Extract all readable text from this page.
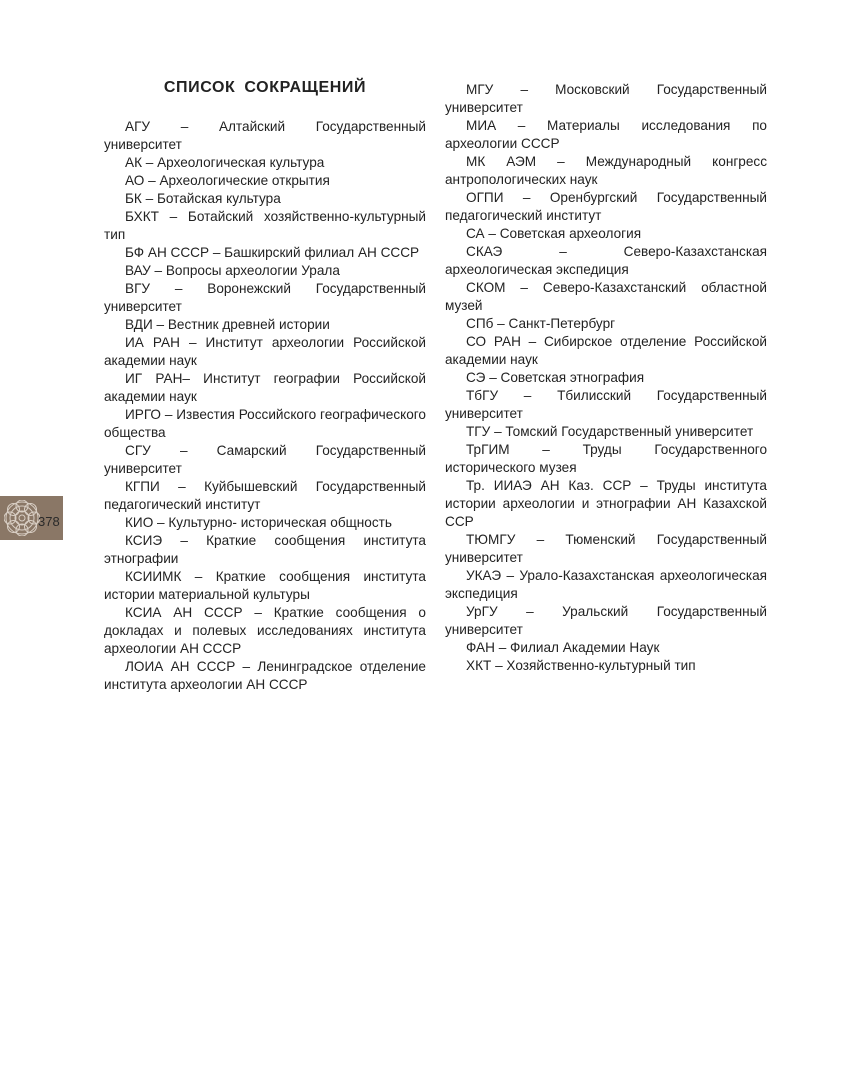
СПИСОК СОКРАЩЕНИЙ

АГУ – Алтайский Государственный университет

АК – Археологическая культура

АО – Археологические открытия

БК – Ботайская культура

БХКТ – Ботайский хозяйственно-культурный тип

БФ АН СССР – Башкирский филиал АН СССР

ВАУ – Вопросы археологии Урала

ВГУ – Воронежский Государственный университет

ВДИ – Вестник древней истории

ИА РАН – Институт археологии Российской академии наук

ИГ РАН– Институт географии Российской академии наук

ИРГО – Известия Российского географического общества

СГУ – Самарский Государственный университет

КГПИ – Куйбышевский Государственный педагогический институт

КИО – Культурно- историческая общность

КСИЭ – Краткие сообщения института этнографии

КСИИМК – Краткие сообщения института истории материальной культуры

КСИА АН СССР – Краткие сообщения о докладах и полевых исследованиях института археологии АН СССР

ЛОИА АН СССР – Ленинградское отделение института археологии АН СССР

МГУ – Московский Государственный университет

МИА – Материалы исследования по археологии СССР

МК АЭМ – Международный конгресс антропологических наук

ОГПИ – Оренбургский Государственный педагогический институт

СА – Советская археология

СКАЭ – Северо-Казахстанская археологическая экспедиция

СКОМ – Северо-Казахстанский областной музей

СПб – Санкт-Петербург

СО РАН – Сибирское отделение Российской академии наук

СЭ – Советская этнография

ТбГУ – Тбилисский Государственный университет

ТГУ – Томский Государственный университет

ТрГИМ – Труды Государственного исторического музея

Тр. ИИАЭ АН Каз. ССР – Труды института истории археологии и этнографии АН Казахской ССР

ТЮМГУ – Тюменский Государственный университет

УКАЭ – Урало-Казахстанская археологическая экспедиция

УрГУ – Уральский Государственный университет

ФАН – Филиал Академии Наук

ХКТ – Хозяйственно-культурный тип

378
